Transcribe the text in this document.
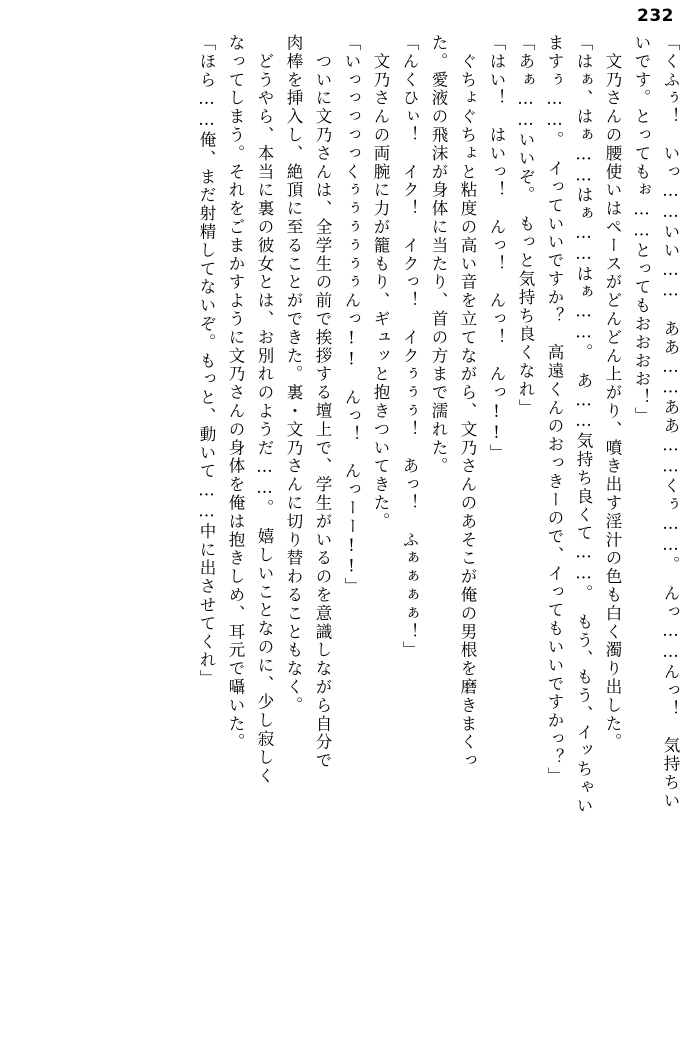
232
「くふぅ！　いっ……いい……　ああ……ああ……くぅ……。　んっ……んっ！　気持ちい
いです。とってもぉ……とってもおおおお！」
　文乃さんの腰使いはペースがどんどん上がり、噴き出す淫汁の色も白く濁り出した。
「はぁ、はぁ……はぁ……はぁ……。　あ……気持ち良くて……。　もう、もう、イッちゃい
ますぅ……。　イっていいですか？　高遠くんのおっきーので、イってもいいですかっ？」
「あぁ……いいぞ。　もっと気持ち良くなれ」
「はい！　はいっ！　んっ！　んっ！　んっ!!」
　ぐちょぐちょと粘度の高い音を立てながら、文乃さんのあそこが俺の男根を磨きまくっ
た。愛液の飛沫が身体に当たり、首の方まで濡れた。
「んくひぃ！　イク！　イクっ！　イクぅぅぅ！　あっ！　ふぁぁぁぁ！」
　文乃さんの両腕に力が籠もり、ギュッと抱きついてきた。
「いっっっっっくぅぅぅぅぅぅんっ!!　んっ！　んっーー!!」
　ついに文乃さんは、全学生の前で挨拶する壇上で、学生がいるのを意識しながら自分で
肉棒を挿入し、絶頂に至ることができた。裏・文乃さんに切り替わることもなく。
　どうやら、本当に裏の彼女とは、お別れのようだ……。　嬉しいことなのに、少し寂しく
なってしまう。それをごまかすように文乃さんの身体を俺は抱きしめ、耳元で囁いた。
「ほら……俺、まだ射精してないぞ。もっと、動いて……中に出させてくれ」
